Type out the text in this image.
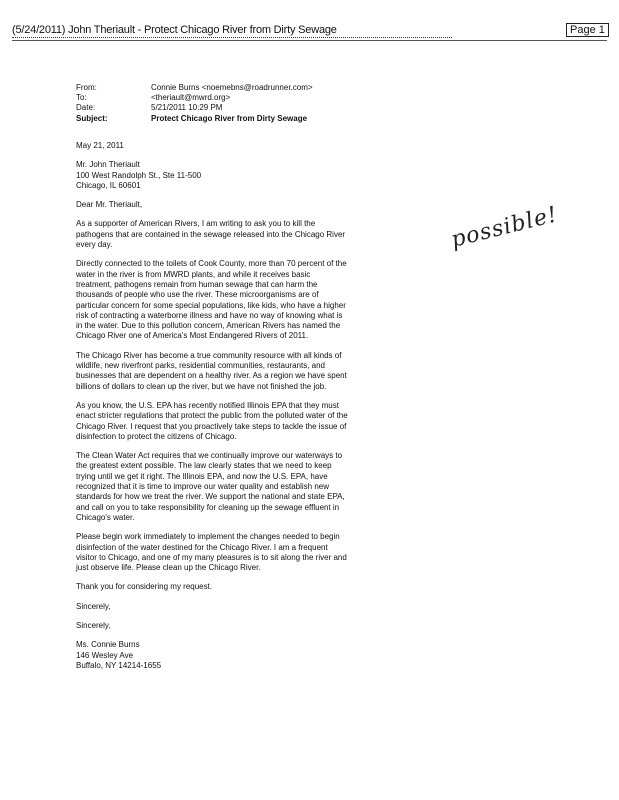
(5/24/2011) John Theriault - Protect Chicago River from Dirty Sewage	Page 1
From:	Connie Burns <noemebns@roadrunner.com>
To:	<theriault@mwrd.org>
Date:	5/21/2011 10:29 PM
Subject:	Protect Chicago River from Dirty Sewage

May 21, 2011

Mr. John Theriault
100 West Randolph St., Ste 11-500
Chicago, IL 60601

Dear Mr. Theriault,

As a supporter of American Rivers, I am writing to ask you to kill the pathogens that are contained in the sewage released into the Chicago River every day.

Directly connected to the toilets of Cook County, more than 70 percent of the water in the river is from MWRD plants, and while it receives basic treatment, pathogens remain from human sewage that can harm the thousands of people who use the river. These microorganisms are of particular concern for some special populations, like kids, who have a higher risk of contracting a waterborne illness and have no way of knowing what is in the water. Due to this pollution concern, American Rivers has named the Chicago River one of America's Most Endangered Rivers of 2011.

The Chicago River has become a true community resource with all kinds of wildlife, new riverfront parks, residential communities, restaurants, and businesses that are dependent on a healthy river. As a region we have spent billions of dollars to clean up the river, but we have not finished the job.

As you know, the U.S. EPA has recently notified Illinois EPA that they must enact stricter regulations that protect the public from the polluted water of the Chicago River. I request that you proactively take steps to tackle the issue of disinfection to protect the citizens of Chicago.

The Clean Water Act requires that we continually improve our waterways to the greatest extent possible. The law clearly states that we need to keep trying until we get it right. The Illinois EPA, and now the U.S. EPA, have recognized that it is time to improve our water quality and establish new standards for how we treat the river. We support the national and state EPA, and call on you to take responsibility for cleaning up the sewage effluent in Chicago's water.

Please begin work immediately to implement the changes needed to begin disinfection of the water destined for the Chicago River. I am a frequent visitor to Chicago, and one of my many pleasures is to sit along the river and just observe life. Please clean up the Chicago River.

Thank you for considering my request.

Sincerely,

Sincerely,

Ms. Connie Burns
146 Wesley Ave
Buffalo, NY 14214-1655
possible!
